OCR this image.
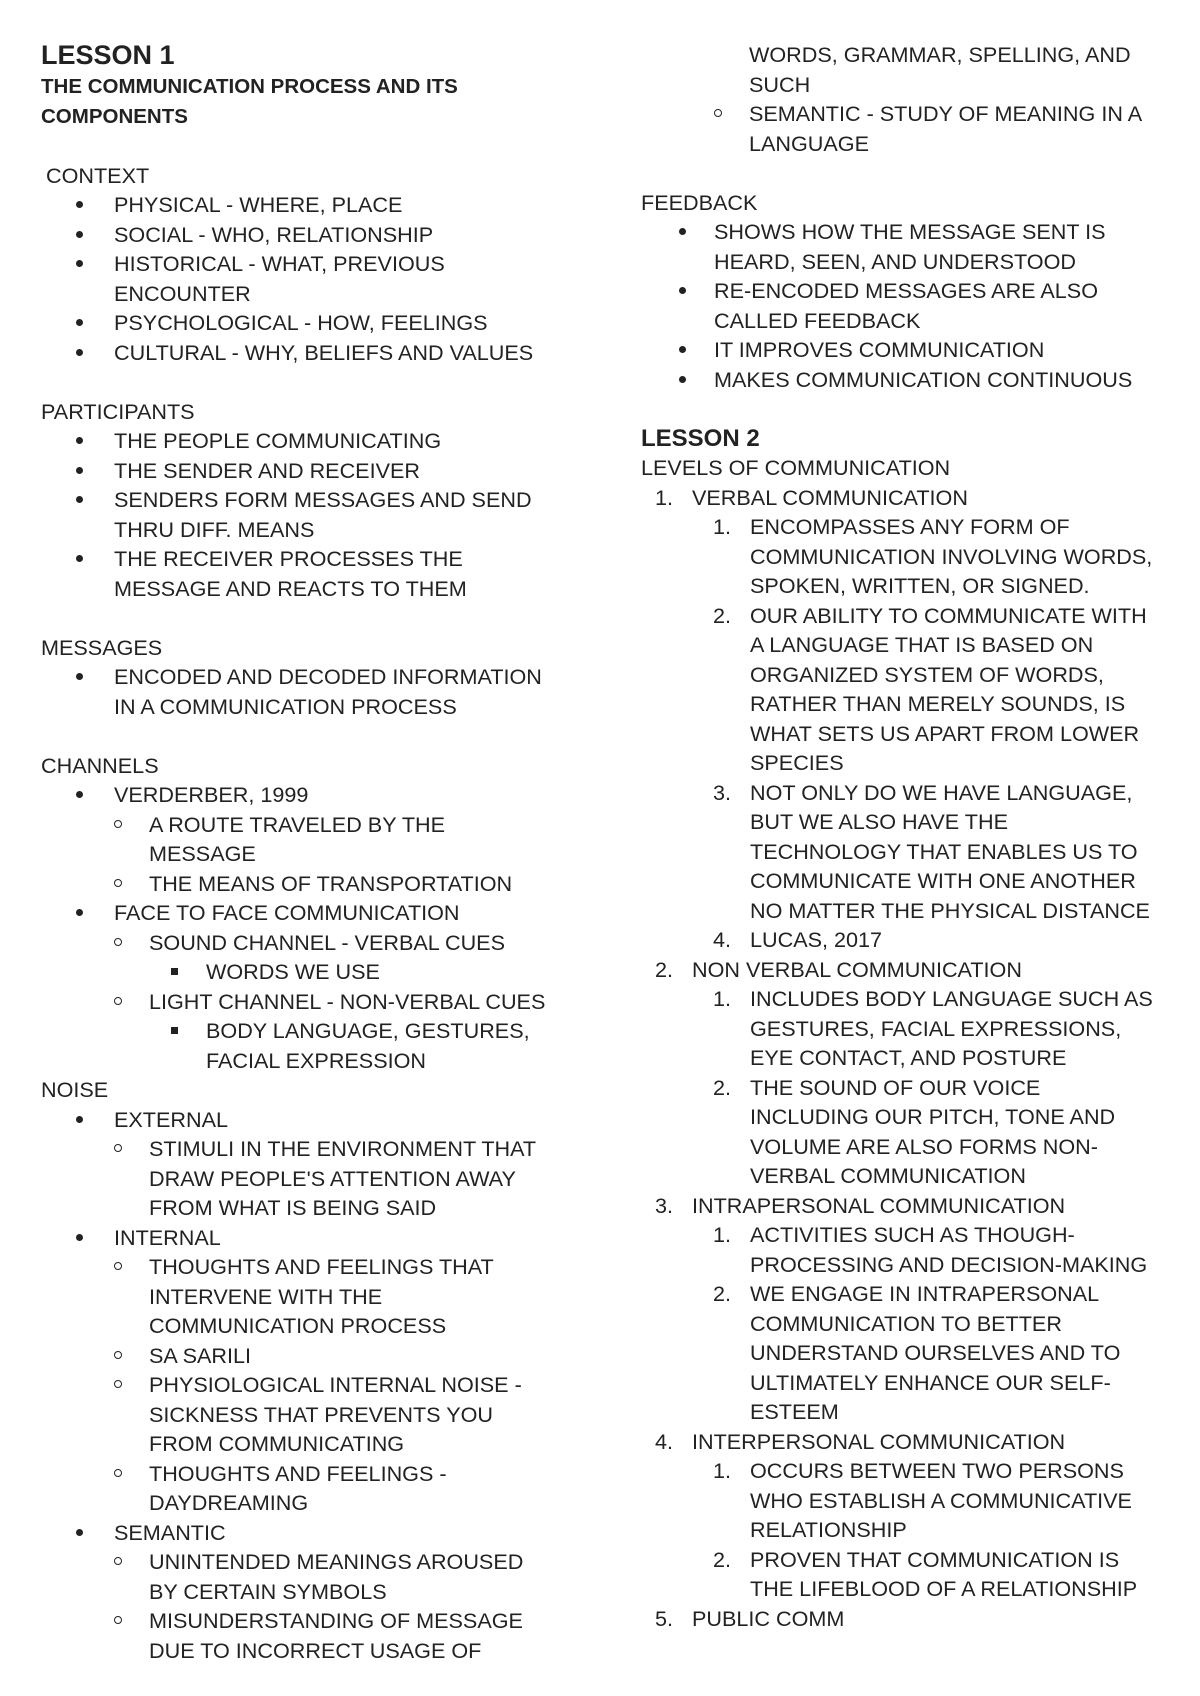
LESSON 1
THE COMMUNICATION PROCESS AND ITS
COMPONENTS
CONTEXT
PHYSICAL - WHERE, PLACE
SOCIAL - WHO, RELATIONSHIP
HISTORICAL - WHAT, PREVIOUS
ENCOUNTER
PSYCHOLOGICAL - HOW, FEELINGS
CULTURAL - WHY, BELIEFS AND VALUES
PARTICIPANTS
THE PEOPLE COMMUNICATING
THE SENDER AND RECEIVER
SENDERS FORM MESSAGES AND SEND
THRU DIFF. MEANS
THE RECEIVER PROCESSES THE
MESSAGE AND REACTS TO THEM
MESSAGES
ENCODED AND DECODED INFORMATION
IN A COMMUNICATION PROCESS
CHANNELS
VERDERBER, 1999
A ROUTE TRAVELED BY THE
MESSAGE
THE MEANS OF TRANSPORTATION
FACE TO FACE COMMUNICATION
SOUND CHANNEL - VERBAL CUES
WORDS WE USE
LIGHT CHANNEL - NON-VERBAL CUES
BODY LANGUAGE, GESTURES,
FACIAL EXPRESSION
NOISE
EXTERNAL
STIMULI IN THE ENVIRONMENT THAT
DRAW PEOPLE'S ATTENTION AWAY
FROM WHAT IS BEING SAID
INTERNAL
THOUGHTS AND FEELINGS THAT
INTERVENE WITH THE
COMMUNICATION PROCESS
SA SARILI
PHYSIOLOGICAL INTERNAL NOISE -
SICKNESS THAT PREVENTS YOU
FROM COMMUNICATING
THOUGHTS AND FEELINGS -
DAYDREAMING
SEMANTIC
UNINTENDED MEANINGS AROUSED
BY CERTAIN SYMBOLS
MISUNDERSTANDING OF MESSAGE
DUE TO INCORRECT USAGE OF
WORDS, GRAMMAR, SPELLING, AND
SUCH
SEMANTIC - STUDY OF MEANING IN A
LANGUAGE
FEEDBACK
SHOWS HOW THE MESSAGE SENT IS
HEARD, SEEN, AND UNDERSTOOD
RE-ENCODED MESSAGES ARE ALSO
CALLED FEEDBACK
IT IMPROVES COMMUNICATION
MAKES COMMUNICATION CONTINUOUS
LESSON 2
LEVELS OF COMMUNICATION
1. VERBAL COMMUNICATION
1. ENCOMPASSES ANY FORM OF
COMMUNICATION INVOLVING WORDS,
SPOKEN, WRITTEN, OR SIGNED.
2. OUR ABILITY TO COMMUNICATE WITH
A LANGUAGE THAT IS BASED ON
ORGANIZED SYSTEM OF WORDS,
RATHER THAN MERELY SOUNDS, IS
WHAT SETS US APART FROM LOWER
SPECIES
3. NOT ONLY DO WE HAVE LANGUAGE,
BUT WE ALSO HAVE THE
TECHNOLOGY THAT ENABLES US TO
COMMUNICATE WITH ONE ANOTHER
NO MATTER THE PHYSICAL DISTANCE
4. LUCAS, 2017
2. NON VERBAL COMMUNICATION
1. INCLUDES BODY LANGUAGE SUCH AS
GESTURES, FACIAL EXPRESSIONS,
EYE CONTACT, AND POSTURE
2. THE SOUND OF OUR VOICE
INCLUDING OUR PITCH, TONE AND
VOLUME ARE ALSO FORMS NON-
VERBAL COMMUNICATION
3. INTRAPERSONAL COMMUNICATION
1. ACTIVITIES SUCH AS THOUGH-
PROCESSING AND DECISION-MAKING
2. WE ENGAGE IN INTRAPERSONAL
COMMUNICATION TO BETTER
UNDERSTAND OURSELVES AND TO
ULTIMATELY ENHANCE OUR SELF-
ESTEEM
4. INTERPERSONAL COMMUNICATION
1. OCCURS BETWEEN TWO PERSONS
WHO ESTABLISH A COMMUNICATIVE
RELATIONSHIP
2. PROVEN THAT COMMUNICATION IS
THE LIFEBLOOD OF A RELATIONSHIP
5. PUBLIC COMM
